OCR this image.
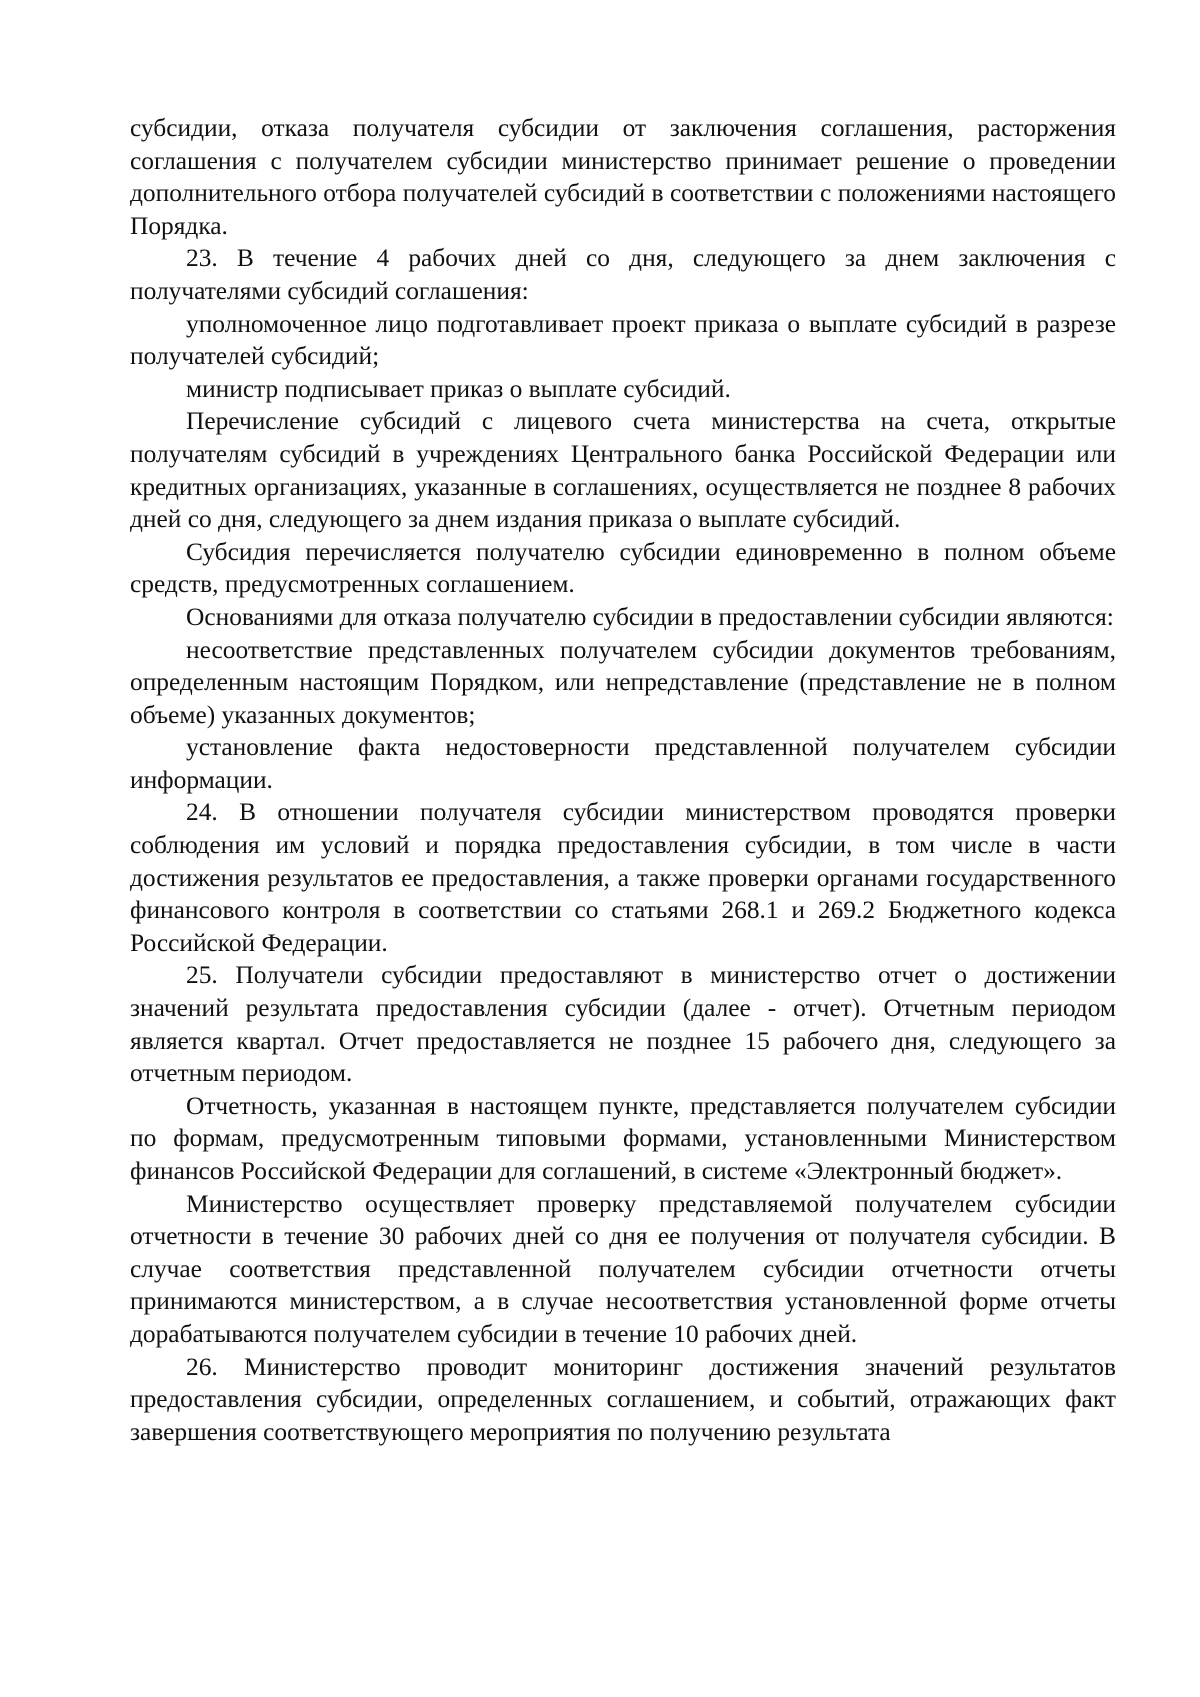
субсидии, отказа получателя субсидии от заключения соглашения, расторжения соглашения с получателем субсидии министерство принимает решение о проведении дополнительного отбора получателей субсидий в соответствии с положениями настоящего Порядка.

23. В течение 4 рабочих дней со дня, следующего за днем заключения с получателями субсидий соглашения:

уполномоченное лицо подготавливает проект приказа о выплате субсидий в разрезе получателей субсидий;

министр подписывает приказ о выплате субсидий.

Перечисление субсидий с лицевого счета министерства на счета, открытые получателям субсидий в учреждениях Центрального банка Российской Федерации или кредитных организациях, указанные в соглашениях, осуществляется не позднее 8 рабочих дней со дня, следующего за днем издания приказа о выплате субсидий.

Субсидия перечисляется получателю субсидии единовременно в полном объеме средств, предусмотренных соглашением.

Основаниями для отказа получателю субсидии в предоставлении субсидии являются:

несоответствие представленных получателем субсидии документов требованиям, определенным настоящим Порядком, или непредставление (представление не в полном объеме) указанных документов;

установление факта недостоверности представленной получателем субсидии информации.

24. В отношении получателя субсидии министерством проводятся проверки соблюдения им условий и порядка предоставления субсидии, в том числе в части достижения результатов ее предоставления, а также проверки органами государственного финансового контроля в соответствии со статьями 268.1 и 269.2 Бюджетного кодекса Российской Федерации.

25. Получатели субсидии предоставляют в министерство отчет о достижении значений результата предоставления субсидии (далее - отчет). Отчетным периодом является квартал. Отчет предоставляется не позднее 15 рабочего дня, следующего за отчетным периодом.

Отчетность, указанная в настоящем пункте, представляется получателем субсидии по формам, предусмотренным типовыми формами, установленными Министерством финансов Российской Федерации для соглашений, в системе «Электронный бюджет».

Министерство осуществляет проверку представляемой получателем субсидии отчетности в течение 30 рабочих дней со дня ее получения от получателя субсидии. В случае соответствия представленной получателем субсидии отчетности отчеты принимаются министерством, а в случае несоответствия установленной форме отчеты дорабатываются получателем субсидии в течение 10 рабочих дней.

26. Министерство проводит мониторинг достижения значений результатов предоставления субсидии, определенных соглашением, и событий, отражающих факт завершения соответствующего мероприятия по получению результата
